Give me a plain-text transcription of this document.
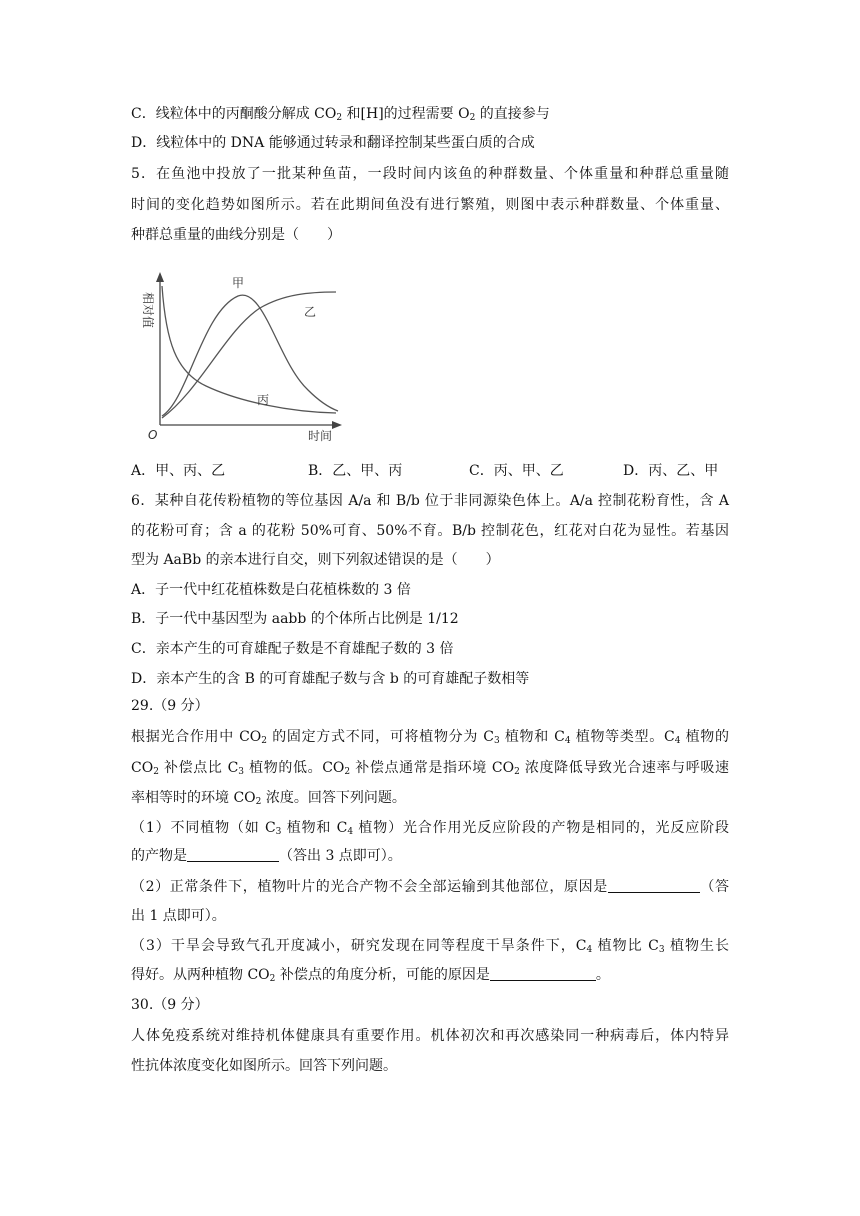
C．线粒体中的丙酮酸分解成 $CO_2$ 和[H]的过程需要 $O_2$ 的直接参与
D．线粒体中的 DNA 能够通过转录和翻译控制某些蛋白质的合成
5．在鱼池中投放了一批某种鱼苗，一段时间内该鱼的种群数量、个体重量和种群总重量随
时间的变化趋势如图所示。若在此期间鱼没有进行繁殖，则图中表示种群数量、个体重量、
种群总重量的曲线分别是（　　）
相对值
时间
O
甲
乙
丙
A．甲、丙、乙	B．乙、甲、丙	C．丙、甲、乙	D．丙、乙、甲
6．某种自花传粉植物的等位基因 A/a 和 B/b 位于非同源染色体上。A/a 控制花粉育性，含 A
的花粉可育；含 a 的花粉 50%可育、50%不育。B/b 控制花色，红花对白花为显性。若基因
型为 AaBb 的亲本进行自交，则下列叙述错误的是（　　）
A．子一代中红花植株数是白花植株数的 3 倍
B．子一代中基因型为 aabb 的个体所占比例是 1/12
C．亲本产生的可育雄配子数是不育雄配子数的 3 倍
D．亲本产生的含 B 的可育雄配子数与含 b 的可育雄配子数相等
29.（9 分）
根据光合作用中 $CO_2$ 的固定方式不同，可将植物分为 $C_3$ 植物和 $C_4$ 植物等类型。$C_4$ 植物的
$CO_2$ 补偿点比 $C_3$ 植物的低。$CO_2$ 补偿点通常是指环境 $CO_2$ 浓度降低导致光合速率与呼吸速
率相等时的环境 $CO_2$ 浓度。回答下列问题。
（1）不同植物（如 $C_3$ 植物和 $C_4$ 植物）光合作用光反应阶段的产物是相同的，光反应阶段
的产物是	（答出 3 点即可）。
（2）正常条件下，植物叶片的光合产物不会全部运输到其他部位，原因是	（答
出 1 点即可）。
（3）干旱会导致气孔开度减小，研究发现在同等程度干旱条件下，$C_4$ 植物比 $C_3$ 植物生长
得好。从两种植物 $CO_2$ 补偿点的角度分析，可能的原因是	。
30.（9 分）
人体免疫系统对维持机体健康具有重要作用。机体初次和再次感染同一种病毒后，体内特异
性抗体浓度变化如图所示。回答下列问题。
